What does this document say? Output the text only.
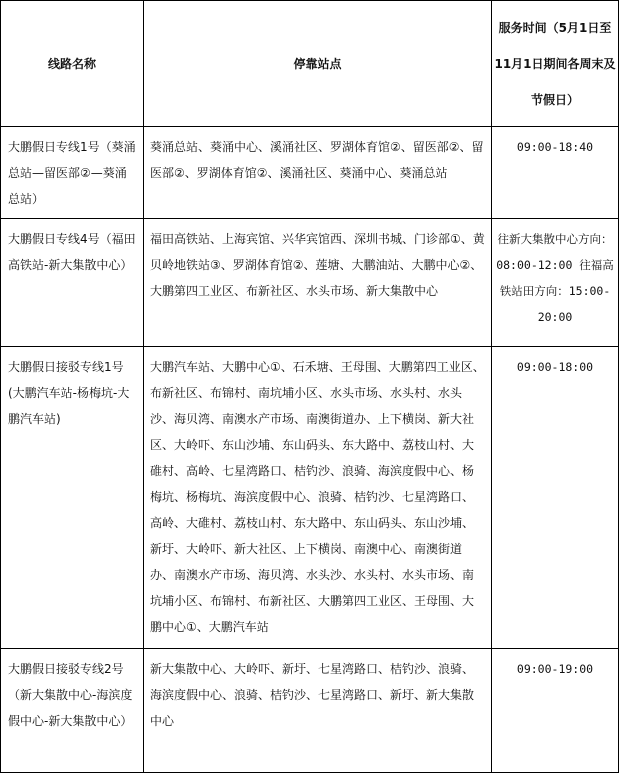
线路名称	停靠站点	服务时间（5月1日至11月1日期间各周末及节假日）

大鹏假日专线1号（葵涌总站—留医部②—葵涌总站）	葵涌总站、葵涌中心、溪涌社区、罗湖体育馆②、留医部②、留医部②、罗湖体育馆②、溪涌社区、葵涌中心、葵涌总站	09:00-18:40

大鹏假日专线4号（福田高铁站-新大集散中心）	福田高铁站、上海宾馆、兴华宾馆西、深圳书城、门诊部①、黄贝岭地铁站③、罗湖体育馆②、莲塘、大鹏油站、大鹏中心②、大鹏第四工业区、布新社区、水头市场、新大集散中心	往新大集散中心方向：08:00-12:00 往福高铁站田方向：15:00-20:00

大鹏假日接驳专线1号(大鹏汽车站-杨梅坑-大鹏汽车站)	大鹏汽车站、大鹏中心①、石禾塘、王母围、大鹏第四工业区、布新社区、布锦村、南坑埔小区、水头市场、水头村、水头沙、海贝湾、南澳水产市场、南澳街道办、上下横岗、新大社区、大岭吓、东山沙埔、东山码头、东大路中、荔枝山村、大碓村、高岭、七星湾路口、桔钓沙、浪骑、海滨度假中心、杨梅坑、杨梅坑、海滨度假中心、浪骑、桔钓沙、七星湾路口、高岭、大碓村、荔枝山村、东大路中、东山码头、东山沙埔、新圩、大岭吓、新大社区、上下横岗、南澳中心、南澳街道办、南澳水产市场、海贝湾、水头沙、水头村、水头市场、南坑埔小区、布锦村、布新社区、大鹏第四工业区、王母围、大鹏中心①、大鹏汽车站	09:00-18:00

大鹏假日接驳专线2号（新大集散中心-海滨度假中心-新大集散中心）	新大集散中心、大岭吓、新圩、七星湾路口、桔钓沙、浪骑、海滨度假中心、浪骑、桔钓沙、七星湾路口、新圩、新大集散中心	09:00-19:00
